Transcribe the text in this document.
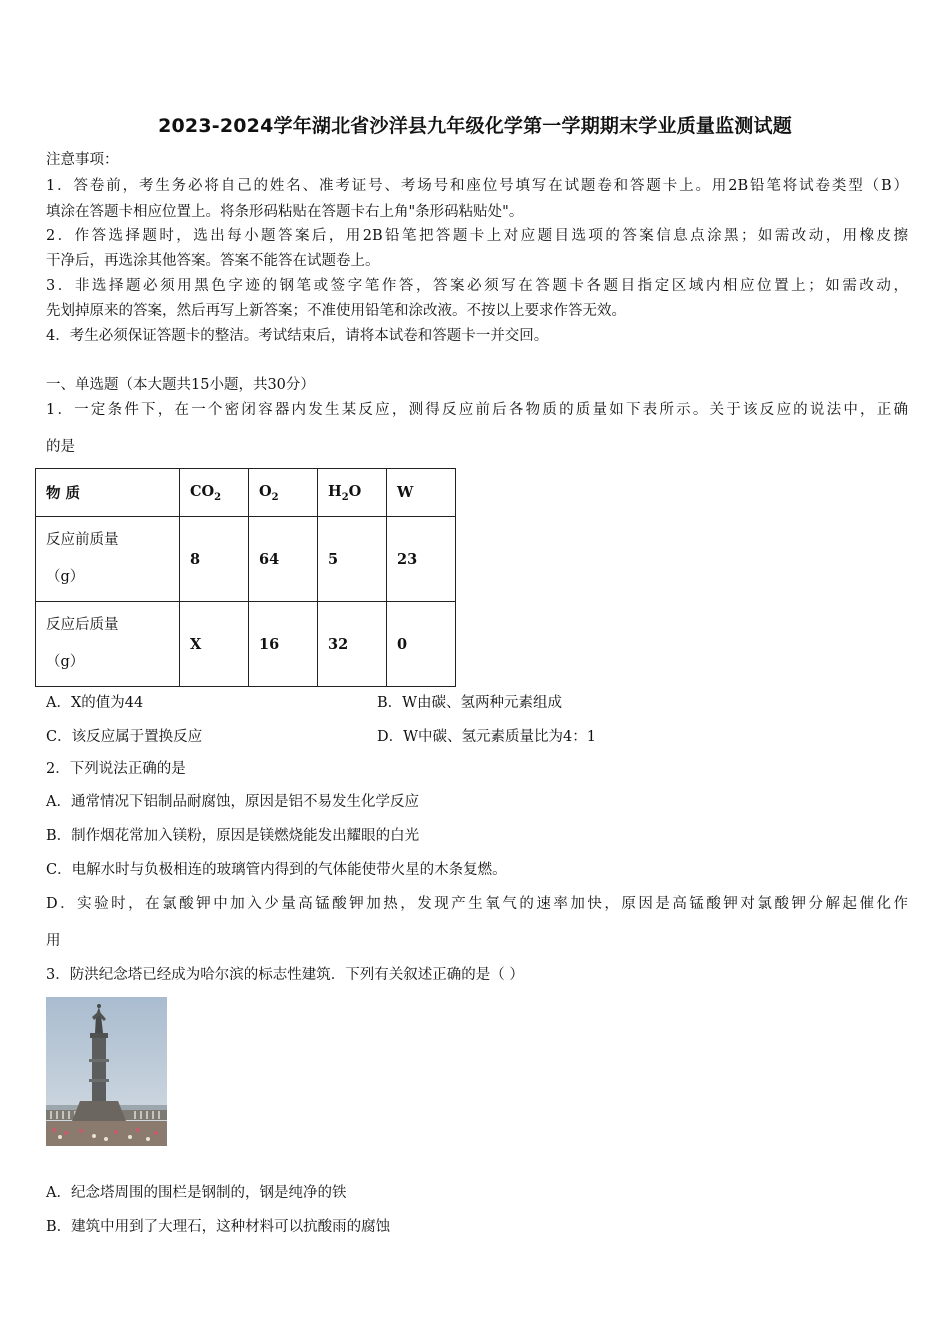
2023-2024学年湖北省沙洋县九年级化学第一学期期末学业质量监测试题
注意事项：
1．答卷前，考生务必将自己的姓名、准考证号、考场号和座位号填写在试题卷和答题卡上。用2B铅笔将试卷类型（B）
填涂在答题卡相应位置上。将条形码粘贴在答题卡右上角"条形码粘贴处"。
2．作答选择题时，选出每小题答案后，用2B铅笔把答题卡上对应题目选项的答案信息点涂黑；如需改动，用橡皮擦
干净后，再选涂其他答案。答案不能答在试题卷上。
3．非选择题必须用黑色字迹的钢笔或签字笔作答，答案必须写在答题卡各题目指定区域内相应位置上；如需改动，
先划掉原来的答案，然后再写上新答案；不准使用铅笔和涂改液。不按以上要求作答无效。
4．考生必须保证答题卡的整洁。考试结束后，请将本试卷和答题卡一并交回。
一、单选题（本大题共15小题，共30分）
1．一定条件下，在一个密闭容器内发生某反应，测得反应前后各物质的质量如下表所示。关于该反应的说法中，正确
的是
物 质	$CO_2$	$O_2$	$H_2O$	W

反应前质量
（g）	8	64	5	23

反应后质量
（g）	X	16	32	0
A．X的值为44	B．W由碳、氢两种元素组成
C．该反应属于置换反应	D．W中碳、氢元素质量比为4：1
2．下列说法正确的是
A．通常情况下铝制品耐腐蚀，原因是铝不易发生化学反应
B．制作烟花常加入镁粉，原因是镁燃烧能发出耀眼的白光
C．电解水时与负极相连的玻璃管内得到的气体能使带火星的木条复燃。
D．实验时，在氯酸钾中加入少量高锰酸钾加热，发现产生氧气的速率加快，原因是高锰酸钾对氯酸钾分解起催化作
用
3．防洪纪念塔已经成为哈尔滨的标志性建筑．下列有关叙述正确的是（ ）
A．纪念塔周围的围栏是钢制的，钢是纯净的铁
B．建筑中用到了大理石，这种材料可以抗酸雨的腐蚀
